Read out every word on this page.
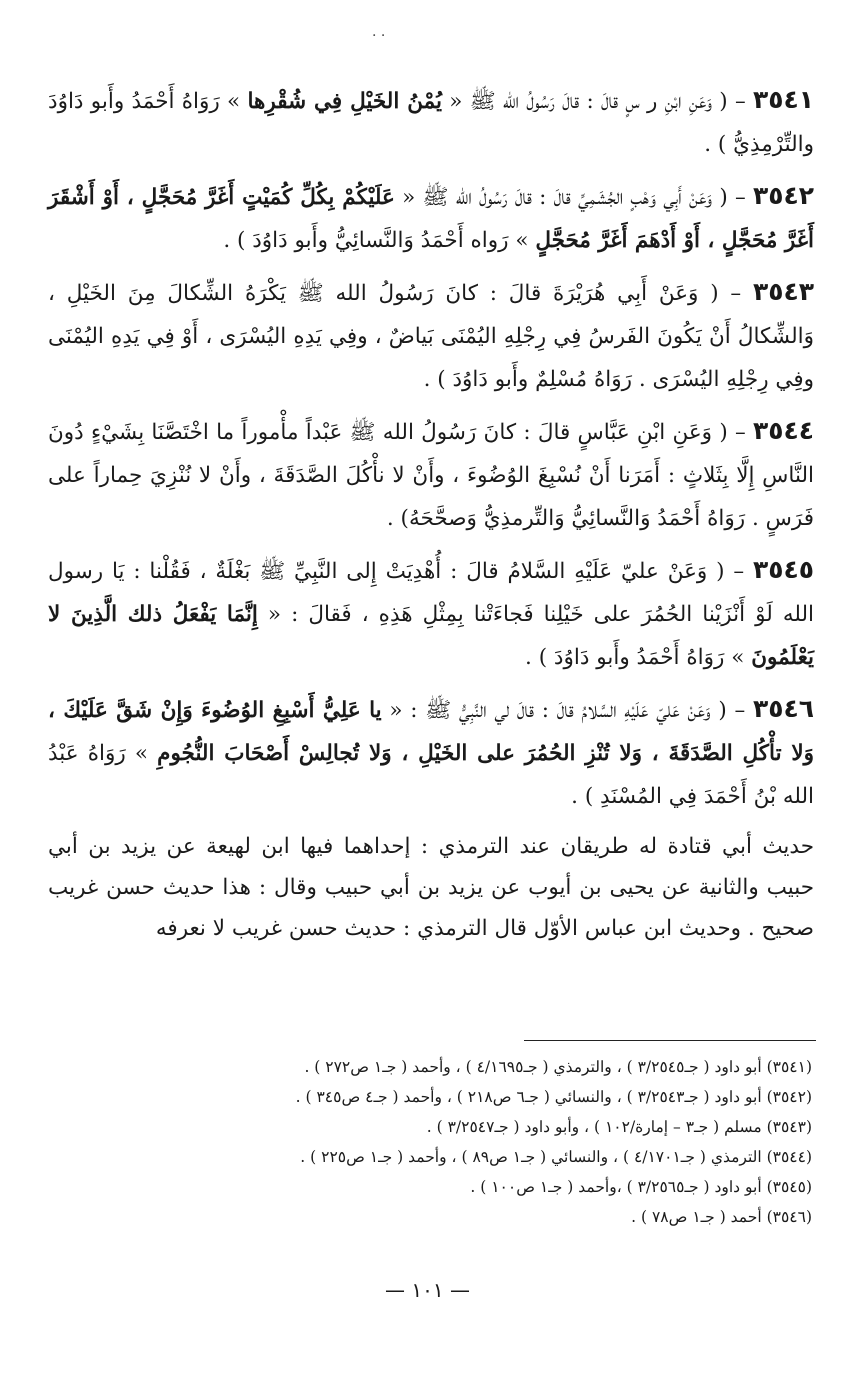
· ·

٣٥٤١ – ( وَعَنِ ابْنِ ﺭ سٍ قالَ : قالَ رَسُولُ الله ﷺ « يُمْنُ الخَيْلِ فِي شُقْرِها » رَوَاهُ أَحْمَدُ وأَبو دَاوُدَ والتِّرْمِذِيُّ ) .

٣٥٤٢ – ( وَعَنْ أَبِي وَهْبٍ الجُشَمِيِّ قالَ : قالَ رَسُولُ الله ﷺ « عَلَيْكُمْ بِكُلِّ كُمَيْتٍ أَغَرَّ مُحَجَّلٍ ، أَوْ أَشْقَرَ أَغَرَّ مُحَجَّلٍ ، أَوْ أَدْهَمَ أَغَرَّ مُحَجَّلٍ » رَواه أَحْمَدُ وَالنَّسائِيُّ وأَبو دَاوُدَ ) .

٣٥٤٣ – ( وَعَنْ أَبِي هُرَيْرَةَ قالَ : كانَ رَسُولُ الله ﷺ يَكْرَهُ الشِّكالَ مِنَ الخَيْلِ ، وَالشِّكالُ أَنْ يَكُونَ الفَرسُ فِي رِجْلِهِ اليُمْنَى بَياضٌ ، وفِي يَدِهِ اليُسْرَى ، أَوْ فِي يَدِهِ اليُمْنَى وفِي رِجْلِهِ اليُسْرَى . رَوَاهُ مُسْلِمٌ وأَبو دَاوُدَ ) .

٣٥٤٤ – ( وَعَنِ ابْنِ عَبَّاسٍ قالَ : كانَ رَسُولُ الله ﷺ عَبْداً مأْموراً ما اخْتَصَّنَا بِشَيْءٍ دُونَ النَّاسِ إِلَّا بِثَلاثٍ : أَمَرَنا أَنْ نُسْبِغَ الوُضُوءَ ، وأَنْ لا نأْكُلَ الصَّدَقَةَ ، وأَنْ لا نُنْزِيَ حِماراً على فَرَسٍ . رَوَاهُ أَحْمَدُ وَالنَّسائِيُّ وَالتِّرمذِيُّ وَصحَّحَهُ) .

٣٥٤٥ – ( وَعَنْ عليّ عَلَيْهِ السَّلامُ قالَ : أُهْدِيَتْ إِلى النَّبِيِّ ﷺ بَغْلَةٌ ، فَقُلْنا : يَا رسول الله لَوْ أَنْزَيْنا الحُمُرَ على خَيْلِنا فَجاءَتْنا بِمِثْلِ هَذِهِ ، فَقالَ : « إِنَّمَا يَفْعَلُ ذلك الَّذِينَ لا يَعْلَمُونَ » رَوَاهُ أَحْمَدُ وأَبو دَاوُدَ ) .

٣٥٤٦ – ( وَعَنْ عَليّ عَلَيْهِ السَّلامُ قالَ : قالَ لي النَّبِيُّ ﷺ : « يا عَلِيُّ أَسْبِغِ الوُضُوءَ وَإِنْ شَقَّ عَلَيْكَ ، وَلا تأْكُلِ الصَّدَقَةَ ، وَلا تُنْزِ الحُمُرَ على الخَيْلِ ، وَلا تُجالِسْ أَصْحَابَ النُّجُومِ » رَوَاهُ عَبْدُ الله بْنُ أَحْمَدَ فِي المُسْنَدِ ) .

حديث أبي قتادة له طريقان عند الترمذي : إحداهما فيها ابن لهيعة عن يزيد بن أبي حبيب والثانية عن يحيى بن أيوب عن يزيد بن أبي حبيب وقال : هذا حديث حسن غريب صحيح . وحديث ابن عباس الأوّل قال الترمذي : حديث حسن غريب لا نعرفه

(٣٥٤١) أبو داود ( جـ٣/٢٥٤٥ ) ، والترمذي ( جـ٤/١٦٩٥ ) ، وأحمد ( جـ١ ص٢٧٢ ) .
(٣٥٤٢) أبو داود ( جـ٣/٢٥٤٣ ) ، والنسائي ( جـ٦ ص٢١٨ ) ، وأحمد ( جـ٤ ص٣٤٥ ) .
(٣٥٤٣) مسلم ( جـ٣ – إمارة/١٠٢ ) ، وأبو داود ( جـ٣/٢٥٤٧ ) .
(٣٥٤٤) الترمذي ( جـ٤/١٧٠١ ) ، والنسائي ( جـ١ ص٨٩ ) ، وأحمد ( جـ١ ص٢٢٥ ) .
(٣٥٤٥) أبو داود ( جـ٣/٢٥٦٥ ) ،وأحمد ( جـ١ ص١٠٠ ) .
(٣٥٤٦) أحمد ( جـ١ ص٧٨ ) .
— ١٠١ —
